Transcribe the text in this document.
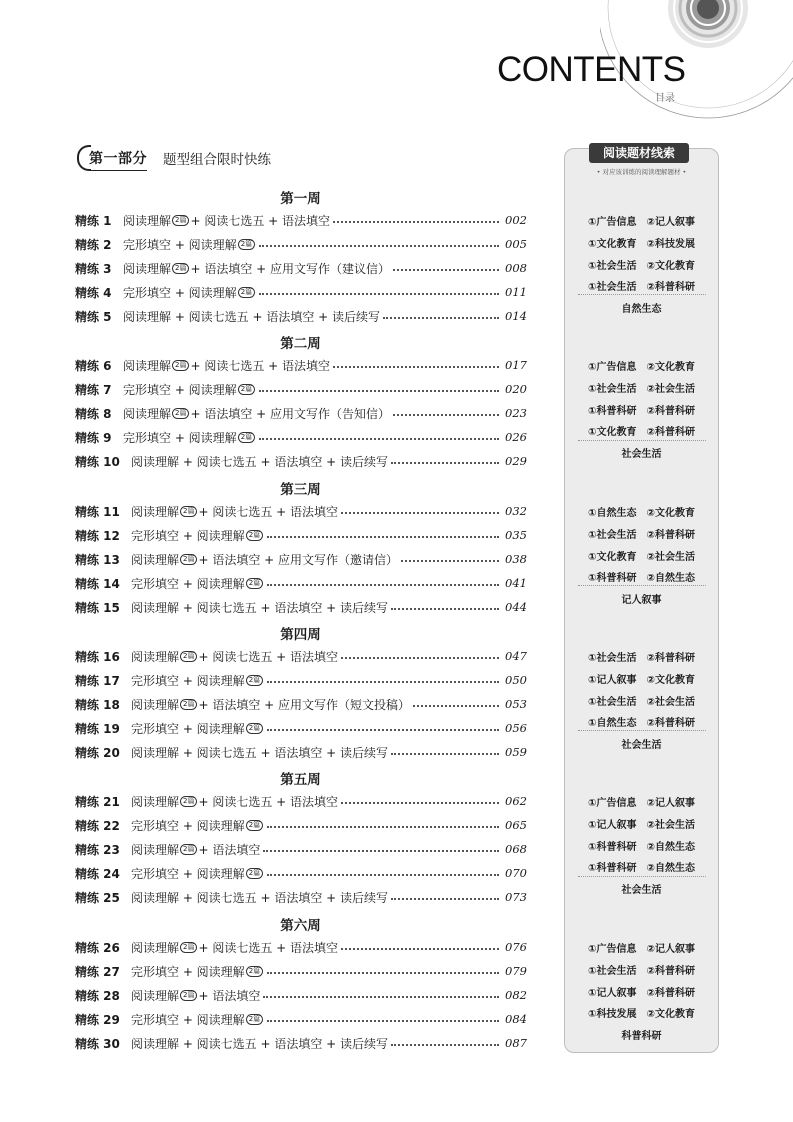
CONTENTS
目录
第一部分 题型组合限时快练	阅读题材线索
• 对应该训练的阅读理解题材 •
第一周
精练 1 阅读理解 2篇 + 阅读七选五 + 语法填空	002
精练 2 完形填空 + 阅读理解 2篇	005
精练 3 阅读理解 2篇 + 语法填空 + 应用文写作（建议信）	008
精练 4 完形填空 + 阅读理解 2篇	011
精练 5 阅读理解 + 阅读七选五 + 语法填空 + 读后续写	014
①广告信息　②记人叙事
①文化教育　②科技发展
①社会生活　②文化教育
①社会生活　②科普科研
自然生态
第二周
精练 6 阅读理解 2篇 + 阅读七选五 + 语法填空	017
精练 7 完形填空 + 阅读理解 2篇	020
精练 8 阅读理解 2篇 + 语法填空 + 应用文写作（告知信）	023
精练 9 完形填空 + 阅读理解 2篇	026
精练 10 阅读理解 + 阅读七选五 + 语法填空 + 读后续写	029
①广告信息　②文化教育
①社会生活　②社会生活
①科普科研　②科普科研
①文化教育　②科普科研
社会生活
第三周
精练 11 阅读理解 2篇 + 阅读七选五 + 语法填空	032
精练 12 完形填空 + 阅读理解 2篇	035
精练 13 阅读理解 2篇 + 语法填空 + 应用文写作（邀请信）	038
精练 14 完形填空 + 阅读理解 2篇	041
精练 15 阅读理解 + 阅读七选五 + 语法填空 + 读后续写	044
①自然生态　②文化教育
①社会生活　②科普科研
①文化教育　②社会生活
①科普科研　②自然生态
记人叙事
第四周
精练 16 阅读理解 2篇 + 阅读七选五 + 语法填空	047
精练 17 完形填空 + 阅读理解 2篇	050
精练 18 阅读理解 2篇 + 语法填空 + 应用文写作（短文投稿）	053
精练 19 完形填空 + 阅读理解 2篇	056
精练 20 阅读理解 + 阅读七选五 + 语法填空 + 读后续写	059
①社会生活　②科普科研
①记人叙事　②文化教育
①社会生活　②社会生活
①自然生态　②科普科研
社会生活
第五周
精练 21 阅读理解 2篇 + 阅读七选五 + 语法填空	062
精练 22 完形填空 + 阅读理解 2篇	065
精练 23 阅读理解 2篇 + 语法填空	068
精练 24 完形填空 + 阅读理解 2篇	070
精练 25 阅读理解 + 阅读七选五 + 语法填空 + 读后续写	073
①广告信息　②记人叙事
①记人叙事　②社会生活
①科普科研　②自然生态
①科普科研　②自然生态
社会生活
第六周
精练 26 阅读理解 2篇 + 阅读七选五 + 语法填空	076
精练 27 完形填空 + 阅读理解 2篇	079
精练 28 阅读理解 2篇 + 语法填空	082
精练 29 完形填空 + 阅读理解 2篇	084
精练 30 阅读理解 + 阅读七选五 + 语法填空 + 读后续写	087
①广告信息　②记人叙事
①社会生活　②科普科研
①记人叙事　②科普科研
①科技发展　②文化教育
科普科研
